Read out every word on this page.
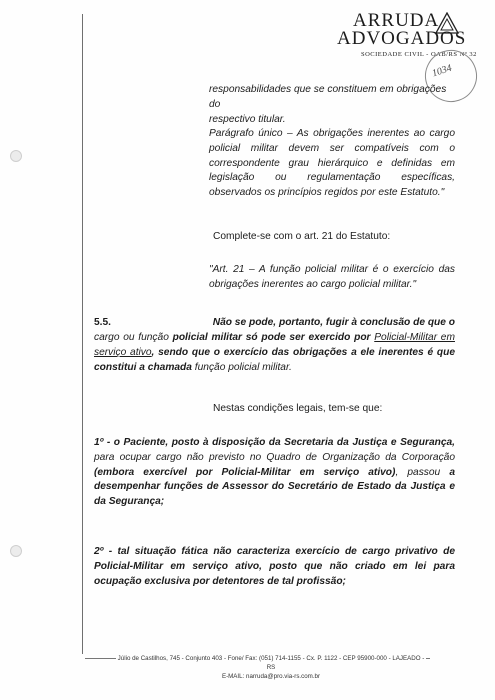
ARRUDA
ADVOGADOS
SOCIEDADE CIVIL - OAB/RS Nº 32
1034
responsabilidades que se constituem em obrigações do
respectivo titular.
Parágrafo único – As obrigações inerentes ao cargo policial militar devem ser compatíveis com o correspondente grau hierárquico e definidas em legislação ou regulamentação específicas, observados os princípios regidos por este Estatuto."
Complete-se com o art. 21 do Estatuto:
"Art. 21 – A função policial militar é o exercício das obrigações inerentes ao cargo policial militar."
5.5.	Não se pode, portanto, fugir à conclusão de que o
cargo ou função policial militar só pode ser exercido por Policial-Militar em serviço ativo, sendo que o exercício das obrigações a ele inerentes é que constitui a chamada função policial militar.
Nestas condições legais, tem-se que:
1º - o Paciente, posto à disposição da Secretaria da Justiça e Segurança, para ocupar cargo não previsto no Quadro de Organização da Corporação (embora exercível por Policial-Militar em serviço ativo), passou a desempenhar funções de Assessor do Secretário de Estado da Justiça e da Segurança;
2º - tal situação fática não caracteriza exercício de cargo privativo de Policial-Militar em serviço ativo, posto que não criado em lei para ocupação exclusiva por detentores de tal profissão;
Júlio de Castilhos, 745 - Conjunto 403 - Fone/ Fax: (051) 714-1155 - Cx. P. 1122 - CEP 95900-000 - LAJEADO - RS
E-MAIL: narruda@pro.via-rs.com.br
